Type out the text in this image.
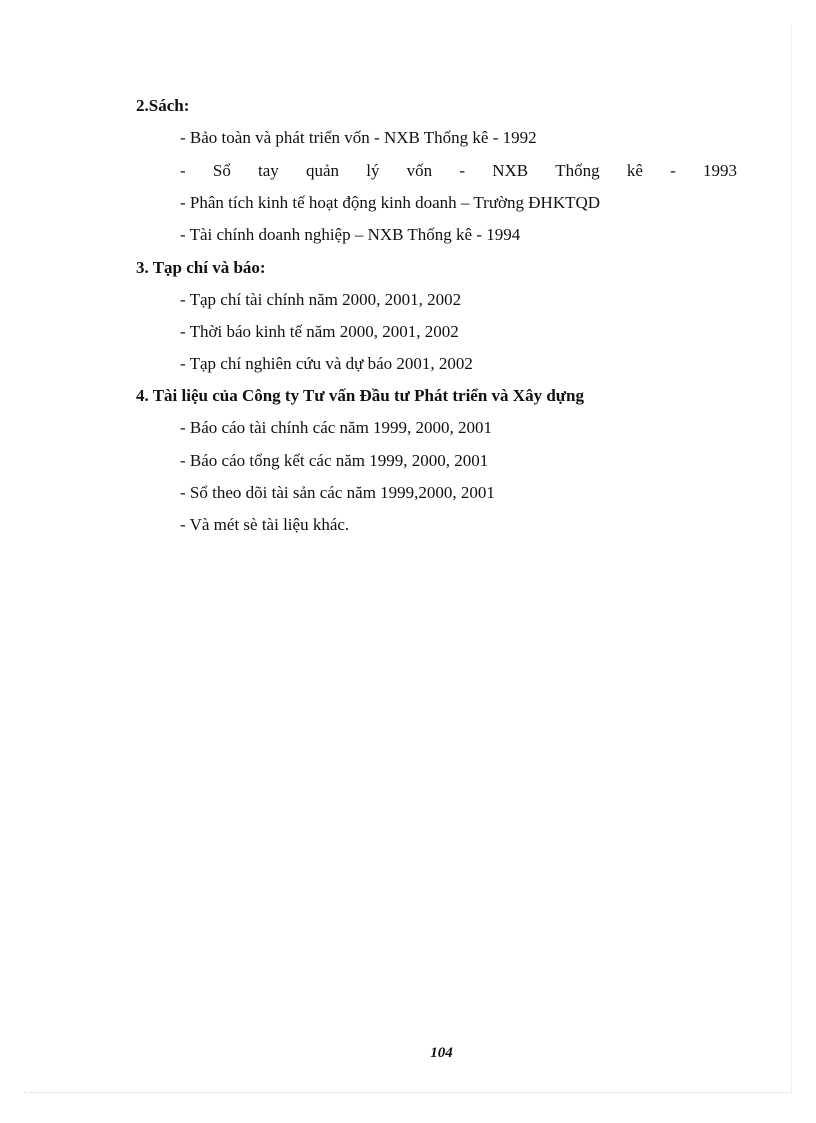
2.Sách:
- Bảo toàn và phát triển vốn - NXB Thống kê - 1992
- Sổ tay quản lý vốn - NXB Thống kê - 1993
- Phân tích kinh tế hoạt động kinh doanh – Trường ĐHKTQD
- Tài chính doanh nghiệp – NXB Thống kê - 1994
3. Tạp chí và báo:
- Tạp chí tài chính năm 2000, 2001, 2002
- Thời báo kinh tế năm 2000, 2001, 2002
- Tạp chí nghiên cứu và dự báo 2001, 2002
4. Tài liệu của Công ty Tư vấn Đầu tư Phát triển và Xây dựng
- Báo cáo tài chính các năm 1999, 2000, 2001
- Báo cáo tổng kết các năm 1999, 2000, 2001
- Sổ theo dõi tài sản các năm 1999,2000, 2001
- Và mét sè tài liệu khác.
104
